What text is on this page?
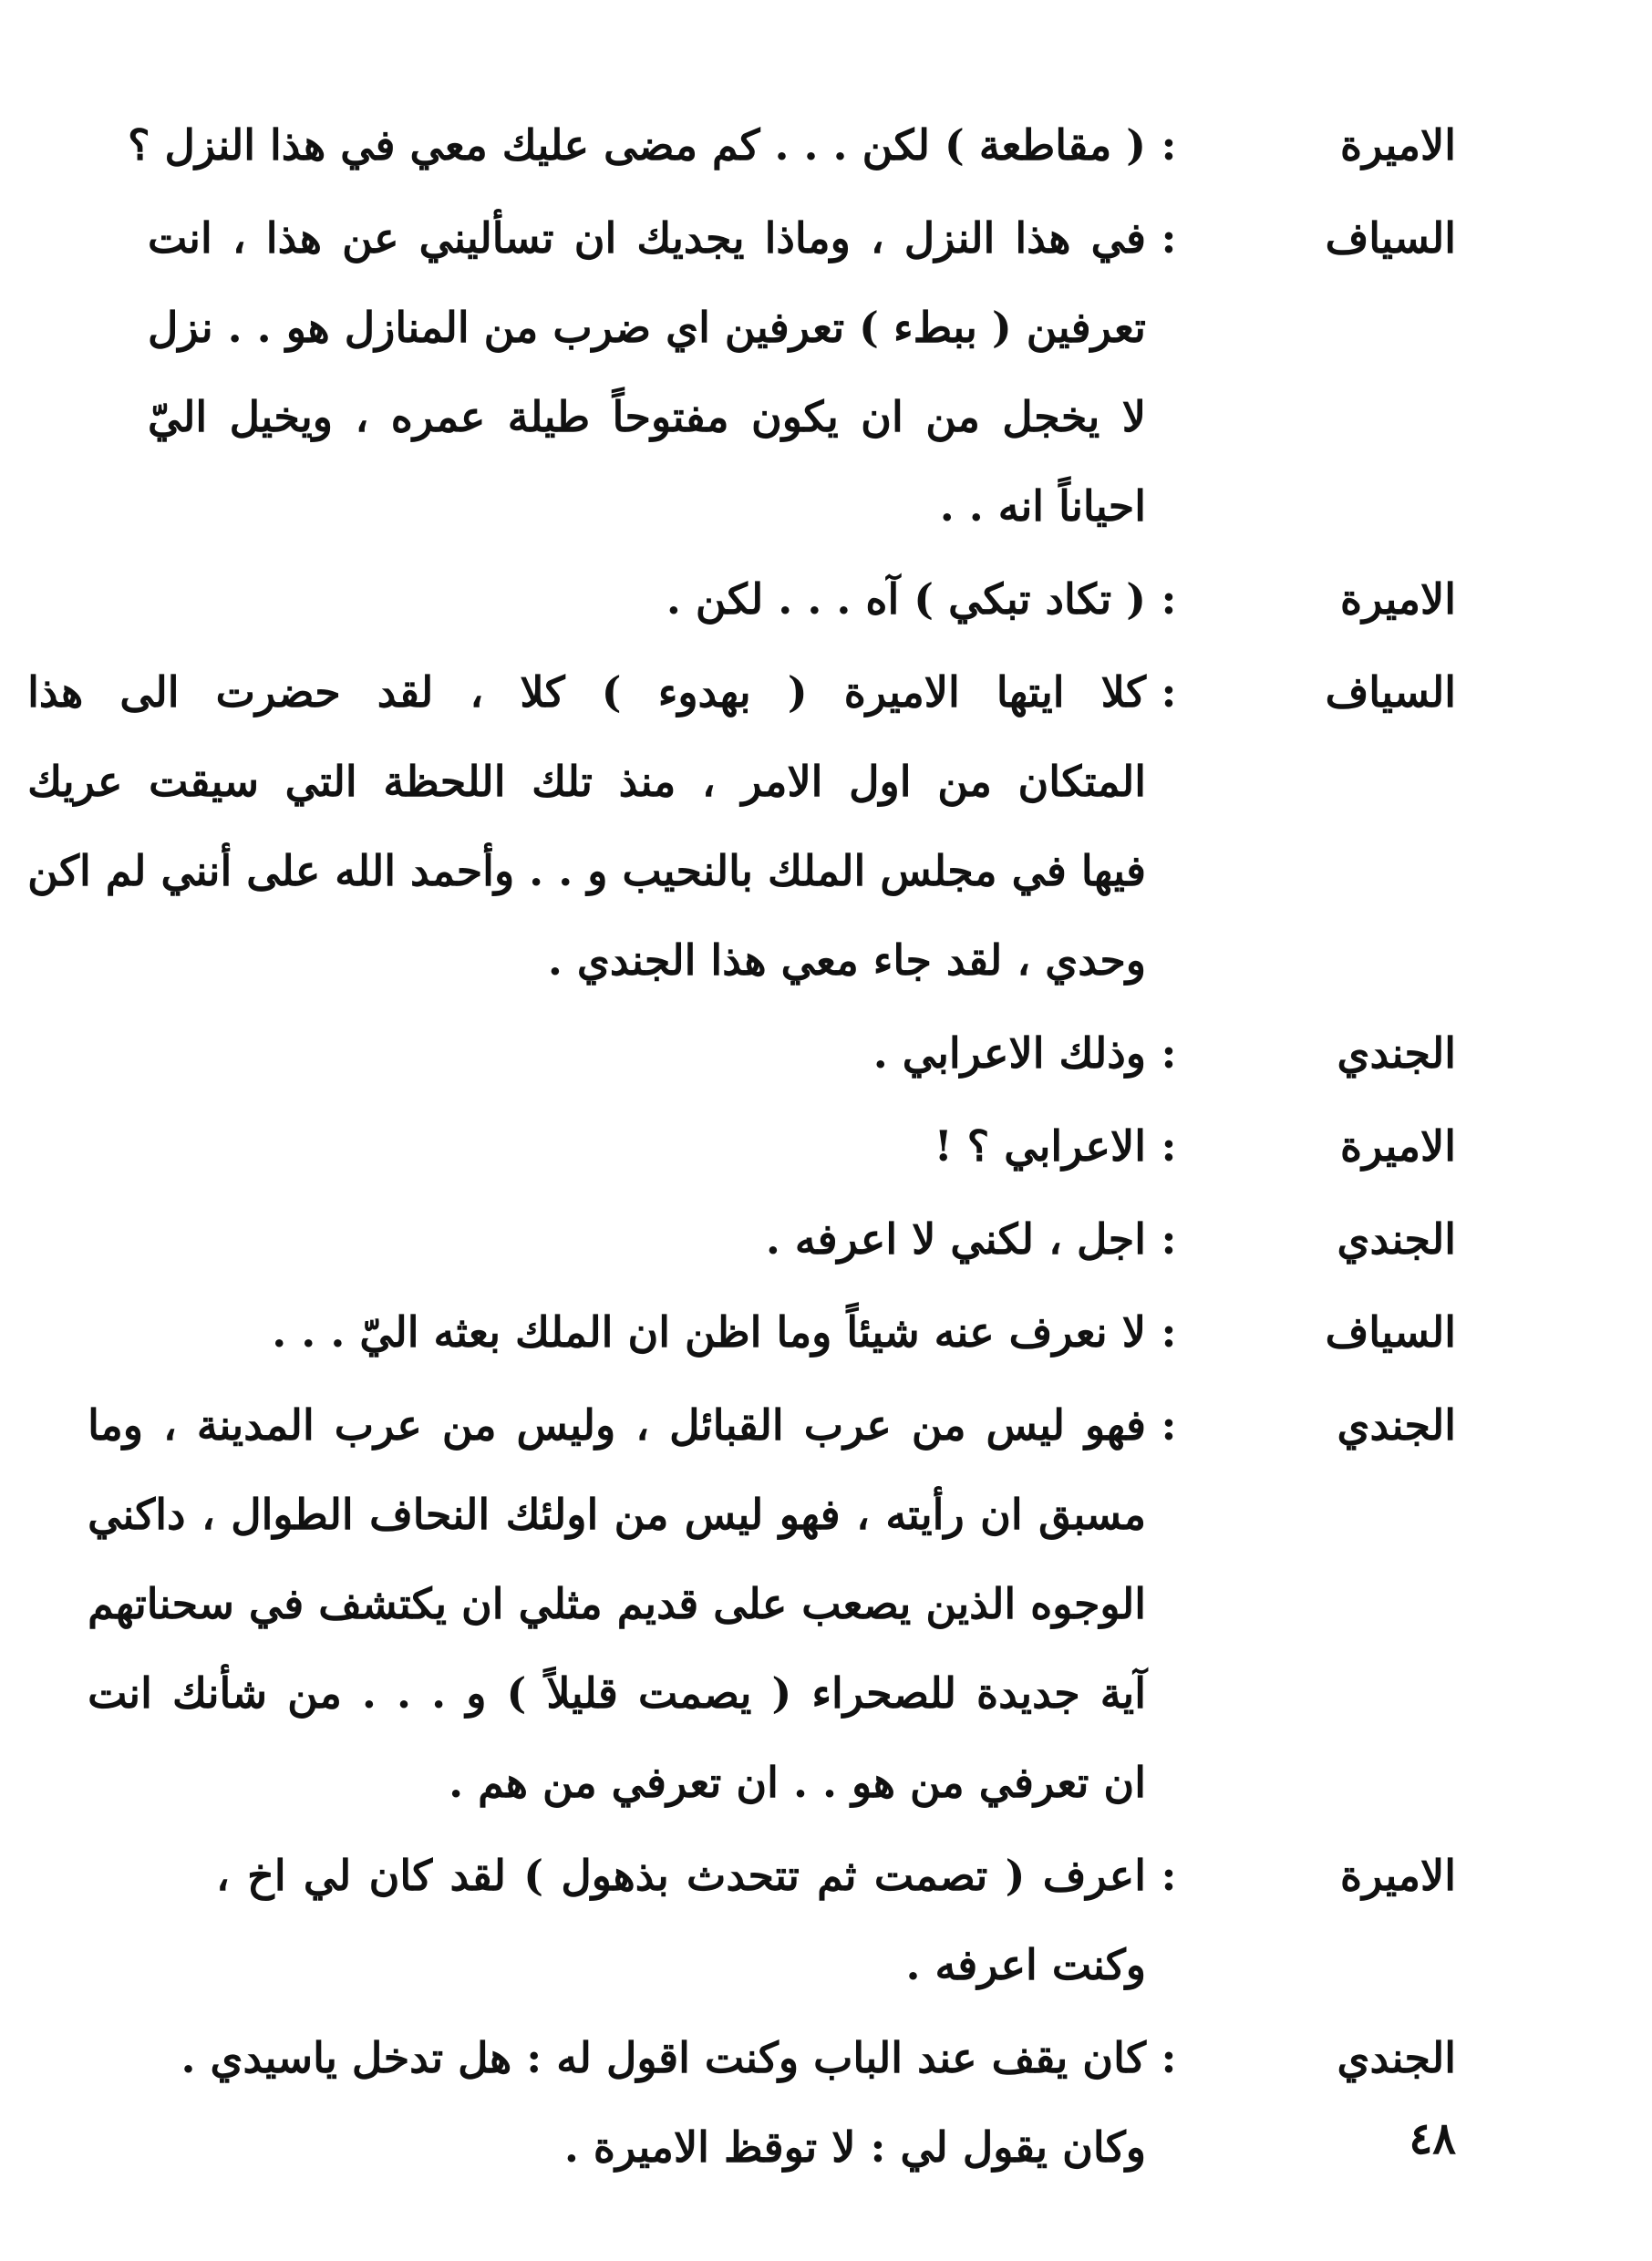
الاميرة
:
( مقاطعة ) لكن . . . كم مضى عليك معي في هذا النزل ؟
السياف
:
في هذا النزل ، وماذا يجديك ان تسأليني عن هذا ، انت
تعرفين ( ببطء ) تعرفين اي ضرب من المنازل هو . . نزل
لا يخجل من ان يكون مفتوحاً طيلة عمره ، ويخيل اليّ
احياناً انه . .
الاميرة
:
( تكاد تبكي ) آه . . . لكن .
السياف
:
كلا ايتها الاميرة ( بهدوء ) كلا ، لقد حضرت الى هذا
المتكان من اول الامر ، منذ تلك اللحظة التي سيقت عريك
فيها في مجلس الملك بالنحيب و . . وأحمد الله على أنني لم اكن
وحدي ، لقد جاء معي هذا الجندي .
الجندي
:
وذلك الاعرابي .
الاميرة
:
الاعرابي ؟ !
الجندي
:
اجل ، لكني لا اعرفه .
السياف
:
لا نعرف عنه شيئاً وما اظن ان الملك بعثه اليّ . . .
الجندي
:
فهو ليس من عرب القبائل ، وليس من عرب المدينة ، وما
مسبق ان رأيته ، فهو ليس من اولئك النحاف الطوال ، داكني
الوجوه الذين يصعب على قديم مثلي ان يكتشف في سحناتهم
آية جديدة للصحراء ( يصمت قليلاً ) و . . . من شأنك انت
ان تعرفي من هو . . ان تعرفي من هم .
الاميرة
:
اعرف ( تصمت ثم تتحدث بذهول ) لقد كان لي اخ ،
وكنت اعرفه .
الجندي
:
كان يقف عند الباب وكنت اقول له : هل تدخل ياسيدي .
وكان يقول لي : لا توقظ الاميرة .	٤٨
